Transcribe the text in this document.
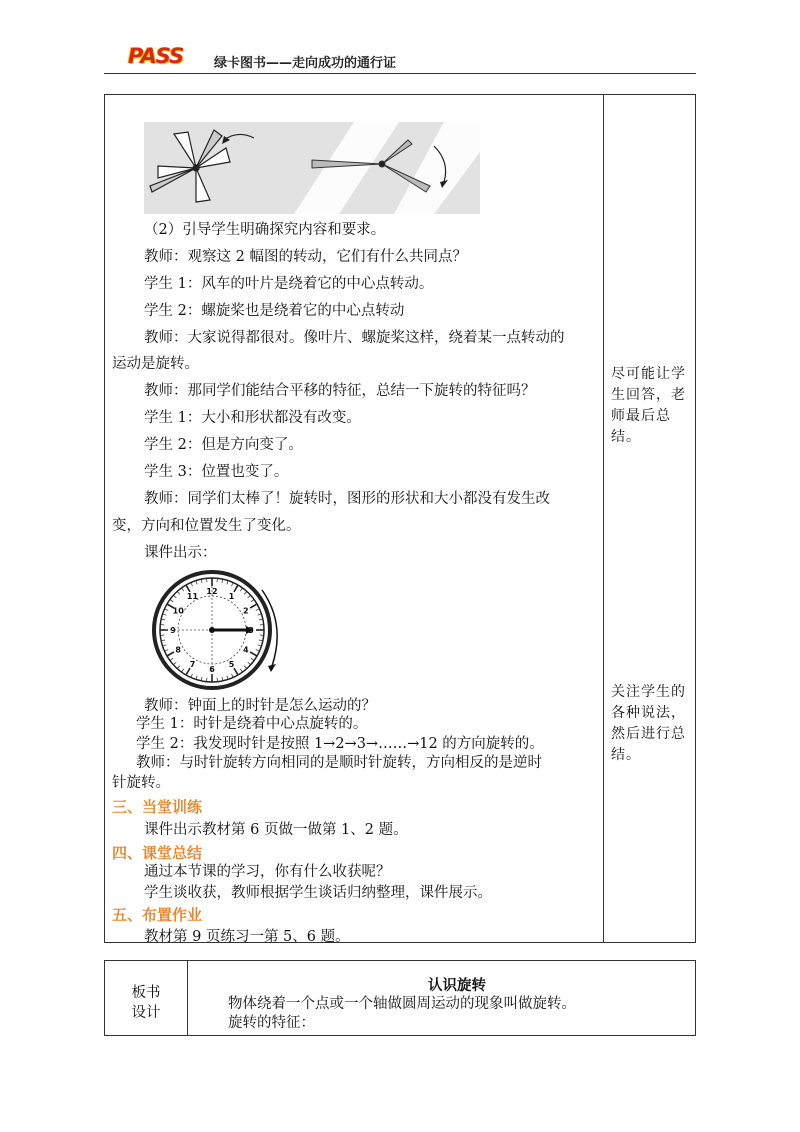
PASS 绿卡图书——走向成功的通行证
（2）引导学生明确探究内容和要求。
教师：观察这 2 幅图的转动，它们有什么共同点？
学生 1：风车的叶片是绕着它的中心点转动。
学生 2：螺旋桨也是绕着它的中心点转动
教师：大家说得都很对。像叶片、螺旋桨这样，绕着某一点转动的
运动是旋转。
教师：那同学们能结合平移的特征，总结一下旋转的特征吗？
学生 1：大小和形状都没有改变。
学生 2：但是方向变了。
学生 3：位置也变了。
教师：同学们太棒了！旋转时，图形的形状和大小都没有发生改
变，方向和位置发生了变化。
课件出示：
12
1
2
4
5
6
7
8
9
10
11
教师：钟面上的时针是怎么运动的？
学生 1：时针是绕着中心点旋转的。
学生 2：我发现时针是按照 1→2→3→……→12 的方向旋转的。
教师：与时针旋转方向相同的是顺时针旋转，方向相反的是逆时
针旋转。
三、当堂训练
课件出示教材第 6 页做一做第 1、2 题。
四、课堂总结
通过本节课的学习，你有什么收获呢？
学生谈收获，教师根据学生谈话归纳整理，课件展示。
五、布置作业
教材第 9 页练习一第 5、6 题。
尽可能让学生回答，老师最后总结。
关注学生的各种说法，然后进行总结。
板书
设计
认识旋转
物体绕着一个点或一个轴做圆周运动的现象叫做旋转。
旋转的特征：
